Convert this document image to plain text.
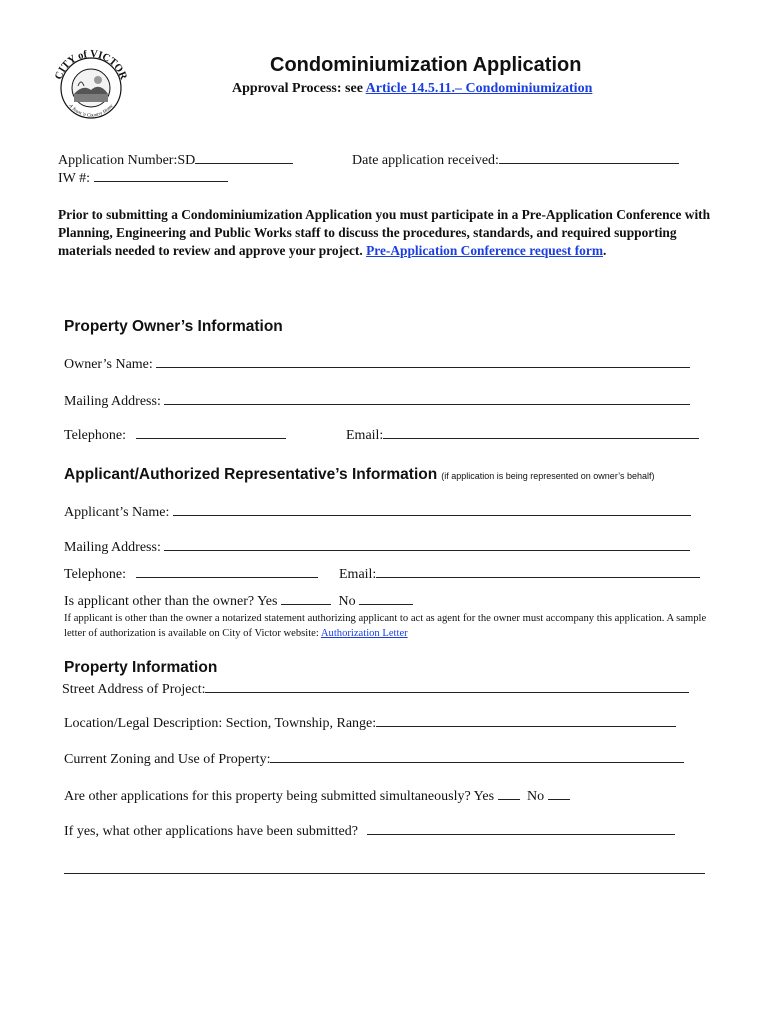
CITY of VICTOR
A Town 'n Country Home
Condominiumization Application
Approval Process: see Article 14.5.11.– Condominiumization
Application Number:SD	Date application received:
IW #:
Prior to submitting a Condominiumization Application you must participate in a Pre-Application Conference with Planning, Engineering and Public Works staff to discuss the procedures, standards, and required supporting materials needed to review and approve your project. Pre-Application Conference request form.
Property Owner’s Information
Owner’s Name:
Mailing Address:
Telephone:	Email:
Applicant/Authorized Representative’s Information (if application is being represented on owner’s behalf)
Applicant’s Name:
Mailing Address:
Telephone:	Email:
Is applicant other than the owner? Yes	No
If applicant is other than the owner a notarized statement authorizing applicant to act as agent for the owner must accompany this application. A sample letter of authorization is available on City of Victor website: Authorization Letter
Property Information
Street Address of Project:
Location/Legal Description: Section, Township, Range:
Current Zoning and Use of Property:
Are other applications for this property being submitted simultaneously? Yes No
If yes, what other applications have been submitted?
